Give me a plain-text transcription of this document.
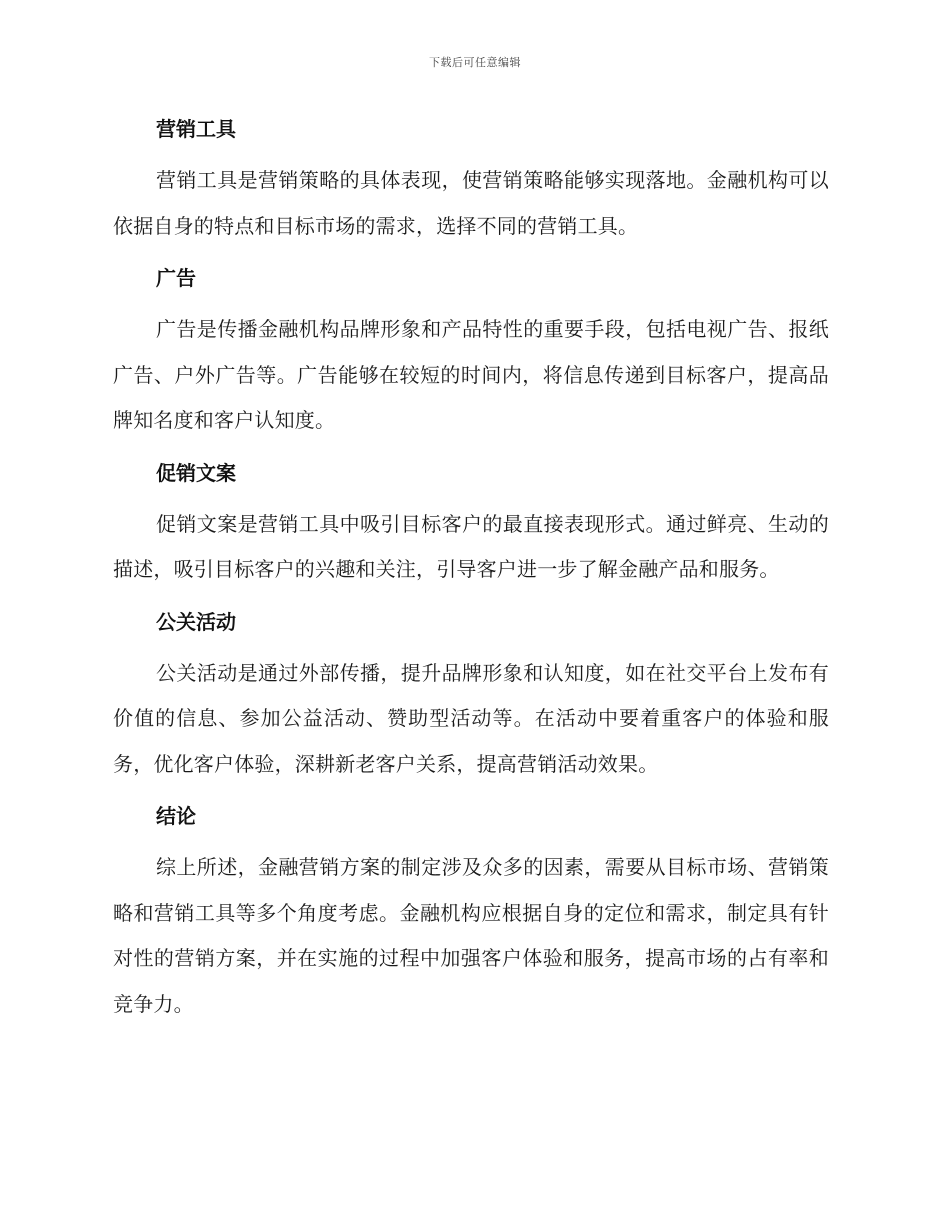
下载后可任意编辑
营销工具

营销工具是营销策略的具体表现，使营销策略能够实现落地。金融机构可以依据自身的特点和目标市场的需求，选择不同的营销工具。

广告

广告是传播金融机构品牌形象和产品特性的重要手段，包括电视广告、报纸广告、户外广告等。广告能够在较短的时间内，将信息传递到目标客户，提高品牌知名度和客户认知度。

促销文案

促销文案是营销工具中吸引目标客户的最直接表现形式。通过鲜亮、生动的描述，吸引目标客户的兴趣和关注，引导客户进一步了解金融产品和服务。

公关活动

公关活动是通过外部传播，提升品牌形象和认知度，如在社交平台上发布有价值的信息、参加公益活动、赞助型活动等。在活动中要着重客户的体验和服务，优化客户体验，深耕新老客户关系，提高营销活动效果。

结论

综上所述，金融营销方案的制定涉及众多的因素，需要从目标市场、营销策略和营销工具等多个角度考虑。金融机构应根据自身的定位和需求，制定具有针对性的营销方案，并在实施的过程中加强客户体验和服务，提高市场的占有率和竞争力。
